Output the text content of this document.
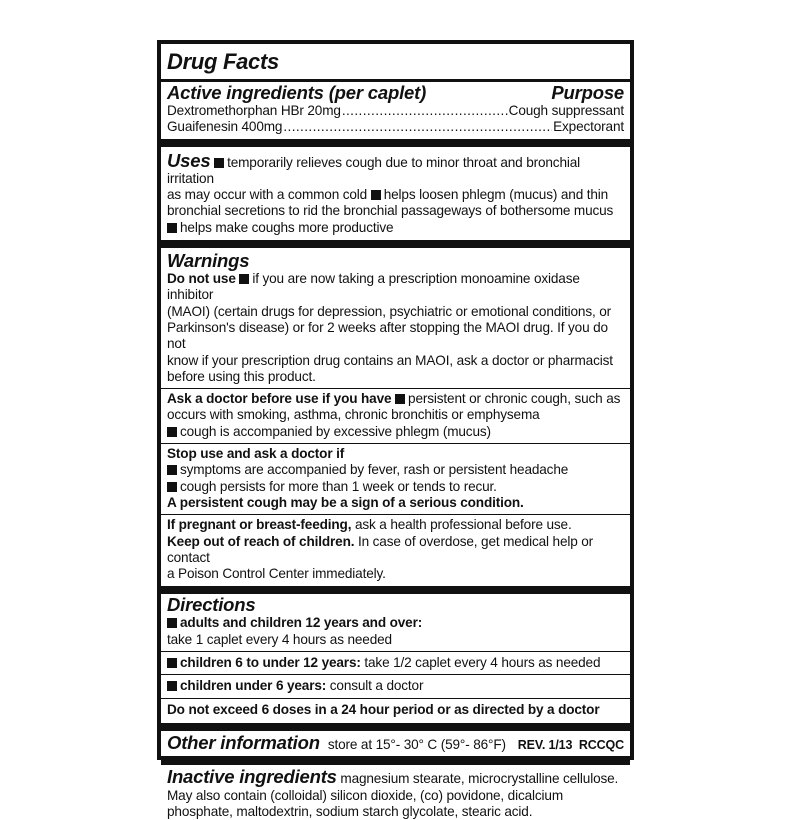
Drug Facts
Active ingredients (per caplet)	Purpose
Dextromethorphan HBr 20mg .....	Cough suppressant
Guaifenesin 400mg .....	Expectorant
Uses temporarily relieves cough due to minor throat and bronchial irritation
as may occur with a common cold helps loosen phlegm (mucus) and thin
bronchial secretions to rid the bronchial passageways of bothersome mucus
helps make coughs more productive
Warnings
Do not use if you are now taking a prescription monoamine oxidase inhibitor
(MAOI) (certain drugs for depression, psychiatric or emotional conditions, or
Parkinson's disease) or for 2 weeks after stopping the MAOI drug. If you do not
know if your prescription drug contains an MAOI, ask a doctor or pharmacist
before using this product.
Ask a doctor before use if you have persistent or chronic cough, such as
occurs with smoking, asthma, chronic bronchitis or emphysema
cough is accompanied by excessive phlegm (mucus)
Stop use and ask a doctor if
symptoms are accompanied by fever, rash or persistent headache
cough persists for more than 1 week or tends to recur.
A persistent cough may be a sign of a serious condition.
If pregnant or breast-feeding, ask a health professional before use.
Keep out of reach of children. In case of overdose, get medical help or contact
a Poison Control Center immediately.
Directions
adults and children 12 years and over:
take 1 caplet every 4 hours as needed
children 6 to under 12 years: take 1/2 caplet every 4 hours as needed
children under 6 years: consult a doctor
Do not exceed 6 doses in a 24 hour period or as directed by a doctor
Other information store at 15°- 30° C (59°- 86°F) REV. 1/13 RCCQC
Inactive ingredients magnesium stearate, microcrystalline cellulose.
May also contain (colloidal) silicon dioxide, (co) povidone, dicalcium
phosphate, maltodextrin, sodium starch glycolate, stearic acid.
